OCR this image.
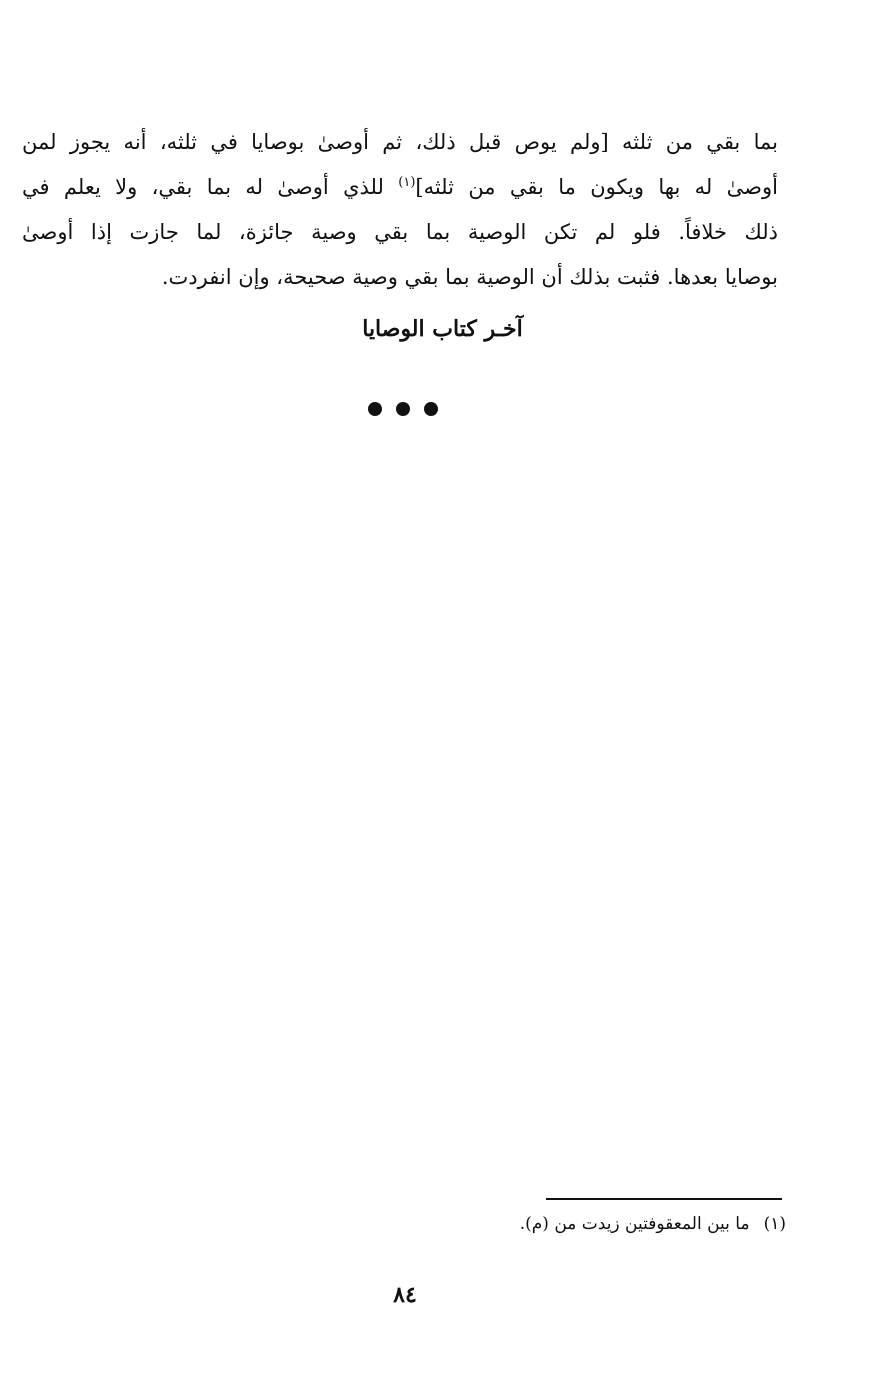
بما بقي من ثلثه [ولم يوص قبل ذلك، ثم أوصىٰ بوصايا في ثلثه، أنه يجوز لمن
أوصىٰ له بها ويكون ما بقي من ثلثه]$^{(١)}$ للذي أوصىٰ له بما بقي، ولا يعلم في
ذلك خلافاً. فلو لم تكن الوصية بما بقي وصية جائزة، لما جازت إذا أوصىٰ
بوصايا بعدها. فثبت بذلك أن الوصية بما بقي وصية صحيحة، وإن انفردت.
آخـر كتاب الوصايا
(١)ما بين المعقوفتين زيدت من (م).
٨٤
